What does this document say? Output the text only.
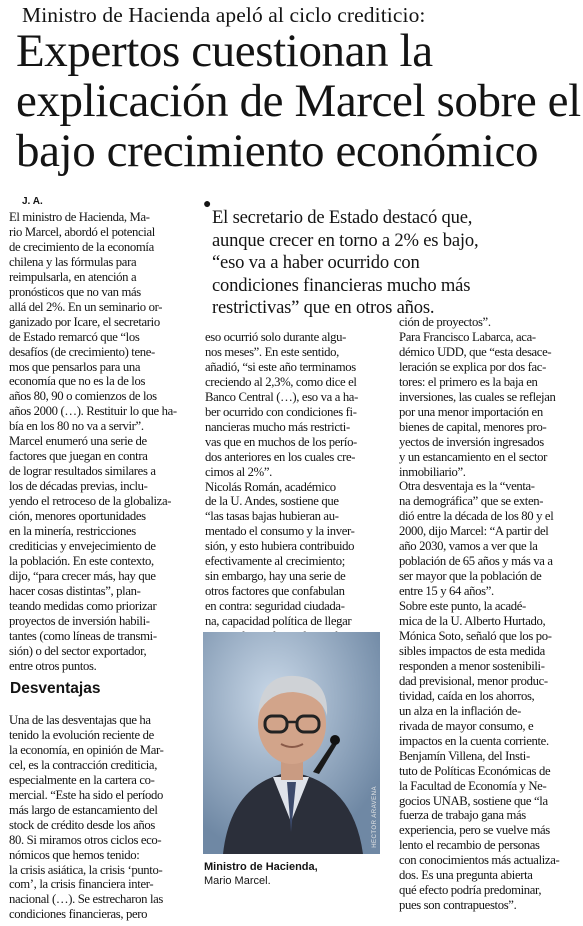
Ministro de Hacienda apeló al ciclo crediticio:
Expertos cuestionan la
explicación de Marcel sobre el
bajo crecimiento económico
J. A.	●
El secretario de Estado destacó que,
aunque crecer en torno a 2% es bajo,
“eso va a haber ocurrido con
condiciones financieras mucho más
restrictivas” que en otros años.

El ministro de Hacienda, Ma-

rio Marcel, abordó el potencial

de crecimiento de la economía

chilena y las fórmulas para

reimpulsarla, en atención a

pronósticos que no van más

allá del 2%. En un seminario or-

ganizado por Icare, el secretario

de Estado remarcó que “los

desafíos (de crecimiento) tene-

mos que pensarlos para una

economía que no es la de los

años 80, 90 o comienzos de los

años 2000 (…). Restituir lo que ha-

bía en los 80 no va a servir”.

Marcel enumeró una serie de

factores que juegan en contra

de lograr resultados similares a

los de décadas previas, inclu-

yendo el retroceso de la globaliza-

ción, menores oportunidades

en la minería, restricciones

crediticias y envejecimiento de

la población. En este contexto,

dijo, “para crecer más, hay que

hacer cosas distintas”, plan-

teando medidas como priorizar

proyectos de inversión habili-

tantes (como líneas de transmi-

sión) o del sector exportador,

entre otros puntos.

Desventajas

Una de las desventajas que ha

tenido la evolución reciente de

la economía, en opinión de Mar-

cel, es la contracción crediticia,

especialmente en la cartera co-

mercial. “Este ha sido el período

más largo de estancamiento del

stock de crédito desde los años

80. Si miramos otros ciclos eco-

nómicos que hemos tenido:

la crisis asiática, la crisis ‘punto-

com’, la crisis financiera inter-

nacional (…). Se estrecharon las

condiciones financieras, pero

eso ocurrió solo durante algu-

nos meses”. En este sentido,

añadió, “si este año terminamos

creciendo al 2,3%, como dice el

Banco Central (…), eso va a ha-

ber ocurrido con condiciones fi-

nancieras mucho más restricti-

vas que en muchos de los perío-

dos anteriores en los cuales cre-

cimos al 2%”.

Nicolás Román, académico

de la U. Andes, sostiene que

“las tasas bajas hubieran au-

mentado el consumo y la inver-

sión, y esto hubiera contribuido

efectivamente al crecimiento;

sin embargo, hay una serie de

otros factores que confabulan

en contra: seguridad ciudada-

na, capacidad política de llegar

ción de proyectos”.

Para Francisco Labarca, aca-

démico UDD, que “esta desace-

leración se explica por dos fac-

tores: el primero es la baja en

inversiones, las cuales se reflejan

por una menor importación en

bienes de capital, menores pro-

yectos de inversión ingresados

y un estancamiento en el sector

inmobiliario”.

Otra desventaja es la “venta-

na demográfica” que se exten-

dió entre la década de los 80 y el

2000, dijo Marcel: “A partir del

año 2030, vamos a ver que la

población de 65 años y más va a

ser mayor que la población de

entre 15 y 64 años”.

Sobre este punto, la acadé-

mica de la U. Alberto Hurtado,

Mónica Soto, señaló que los po-

sibles impactos de esta medida

responden a menor sostenibili-

dad previsional, menor produc-

tividad, caída en los ahorros,

un alza en la inflación de-

rivada de mayor consumo, e

impactos en la cuenta corriente.

Benjamín Villena, del Insti-

tuto de Políticas Económicas de

la Facultad de Economía y Ne-

gocios UNAB, sostiene que “la

fuerza de trabajo gana más

experiencia, pero se vuelve más

lento el recambio de personas

con conocimientos más actualiza-

dos. Es una pregunta abierta

qué efecto podría predominar,

pues son contrapuestos”.

HÉCTOR ARAVENA
Ministro de Hacienda,
Mario Marcel.
